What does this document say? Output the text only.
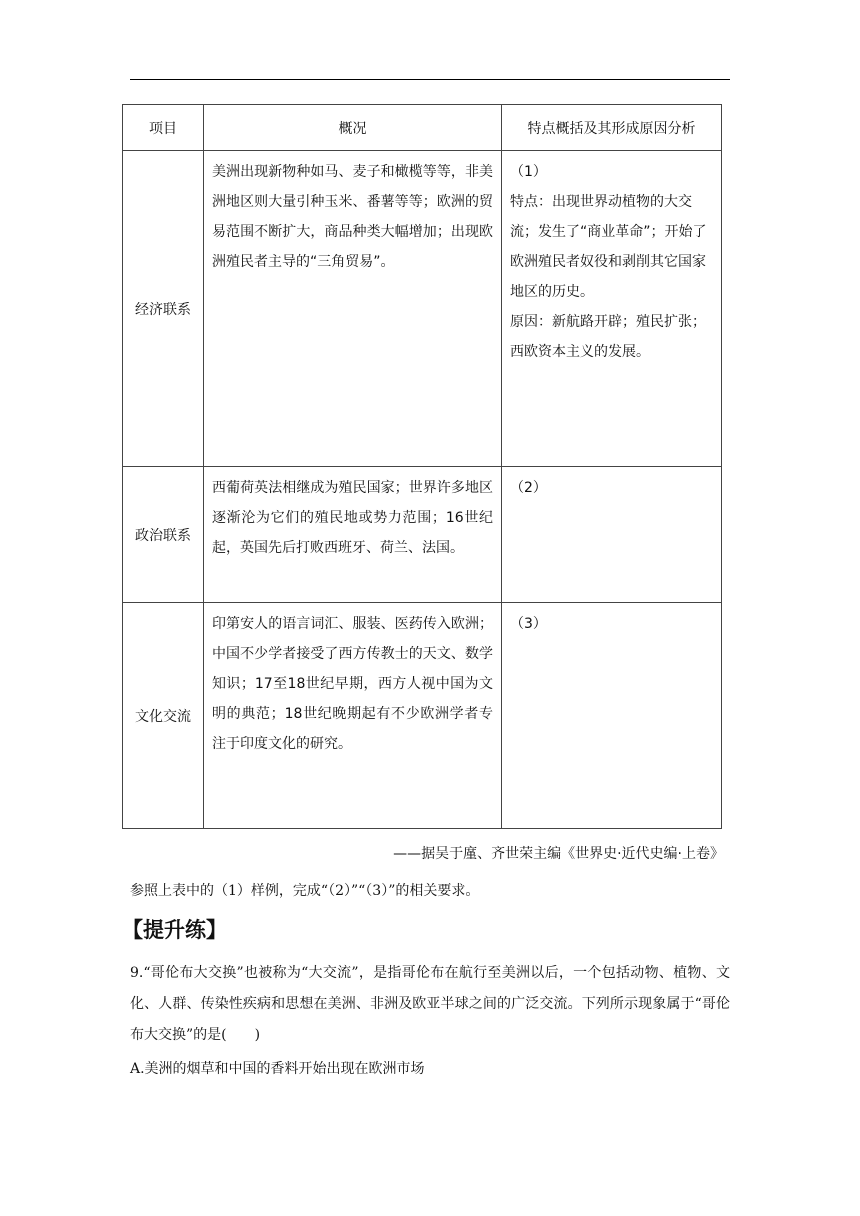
项目	概况	特点概括及其形成原因分析
经济联系	美洲出现新物种如马、麦子和橄榄等等，非美洲地区则大量引种玉米、番薯等等；欧洲的贸易范围不断扩大，商品种类大幅增加；出现欧洲殖民者主导的“三角贸易”。	（1）
特点：出现世界动植物的大交流；发生了“商业革命”；开始了欧洲殖民者奴役和剥削其它国家地区的历史。
原因：新航路开辟；殖民扩张；西欧资本主义的发展。

政治联系	西葡荷英法相继成为殖民国家；世界许多地区逐渐沦为它们的殖民地或势力范围；16世纪起，英国先后打败西班牙、荷兰、法国。	（2）

文化交流	印第安人的语言词汇、服装、医药传入欧洲；中国不少学者接受了西方传教士的天文、数学知识；17至18世纪早期，西方人视中国为文明的典范；18世纪晚期起有不少欧洲学者专注于印度文化的研究。	（3）
——据吴于廑、齐世荣主编《世界史·近代史编·上卷》
参照上表中的（1）样例，完成“（2）”“（3）”的相关要求。
【提升练】
9.“哥伦布大交换”也被称为“大交流”，是指哥伦布在航行至美洲以后，一个包括动物、植物、文化、人群、传染性疾病和思想在美洲、非洲及欧亚半球之间的广泛交流。下列所示现象属于“哥伦布大交换”的是(　　)
A.美洲的烟草和中国的香料开始出现在欧洲市场
